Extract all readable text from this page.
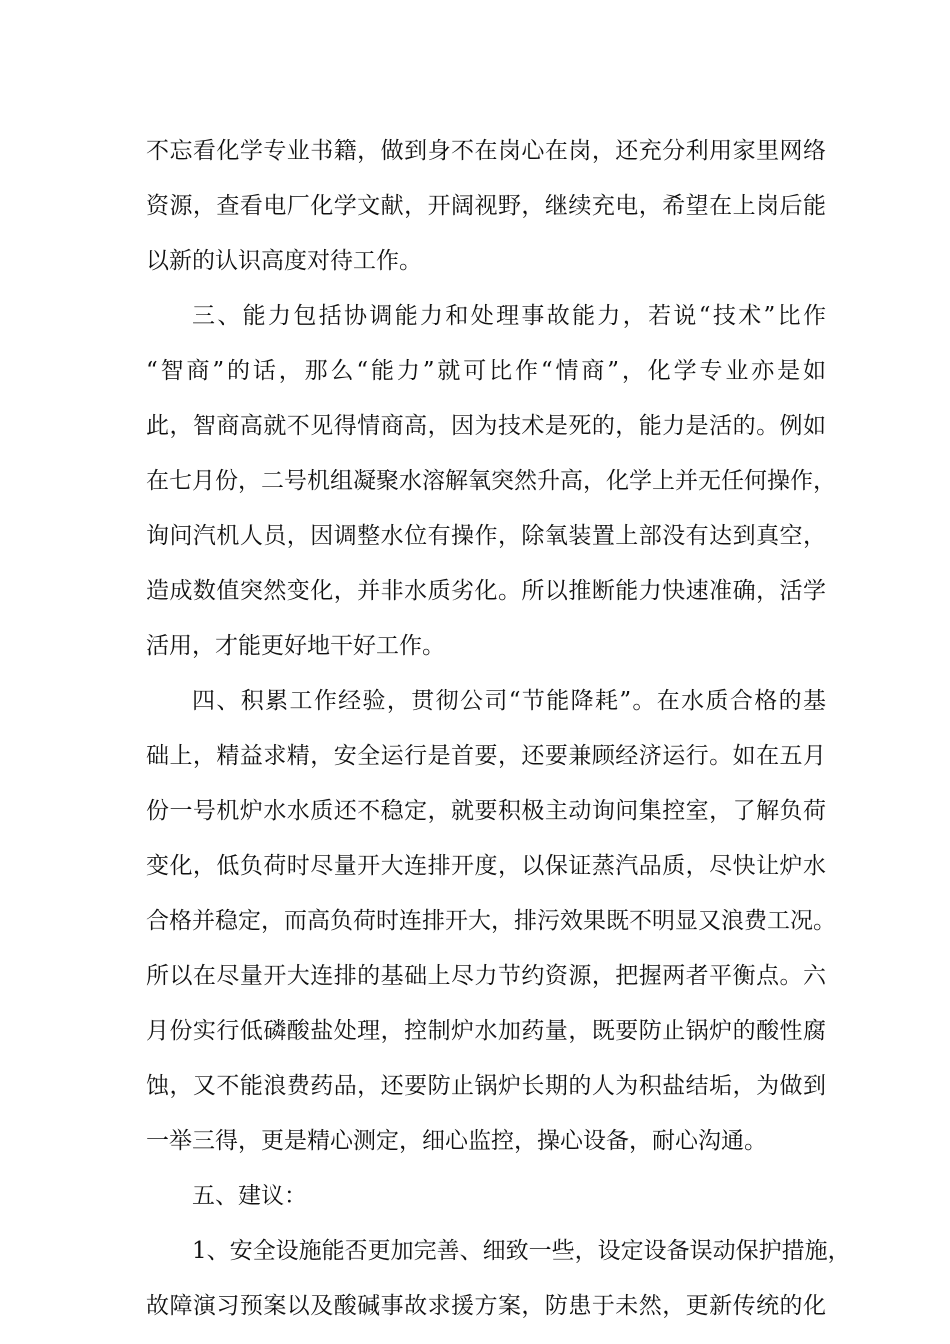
不忘看化学专业书籍，做到身不在岗心在岗，还充分利用家里网络
资源，查看电厂化学文献，开阔视野，继续充电，希望在上岗后能
以新的认识高度对待工作。
三、能力包括协调能力和处理事故能力，若说“技术”比作
“智商”的话，那么“能力”就可比作“情商”，化学专业亦是如
此，智商高就不见得情商高，因为技术是死的，能力是活的。例如
在七月份，二号机组凝聚水溶解氧突然升高，化学上并无任何操作，
询问汽机人员，因调整水位有操作，除氧装置上部没有达到真空，
造成数值突然变化，并非水质劣化。所以推断能力快速准确，活学
活用，才能更好地干好工作。
四、积累工作经验，贯彻公司“节能降耗”。在水质合格的基
础上，精益求精，安全运行是首要，还要兼顾经济运行。如在五月
份一号机炉水水质还不稳定，就要积极主动询问集控室，了解负荷
变化，低负荷时尽量开大连排开度，以保证蒸汽品质，尽快让炉水
合格并稳定，而高负荷时连排开大，排污效果既不明显又浪费工况。
所以在尽量开大连排的基础上尽力节约资源，把握两者平衡点。六
月份实行低磷酸盐处理，控制炉水加药量，既要防止锅炉的酸性腐
蚀，又不能浪费药品，还要防止锅炉长期的人为积盐结垢，为做到
一举三得，更是精心测定，细心监控，操心设备，耐心沟通。
五、建议：
1、安全设施能否更加完善、细致一些，设定设备误动保护措施，
故障演习预案以及酸碱事故求援方案，防患于未然，更新传统的化
